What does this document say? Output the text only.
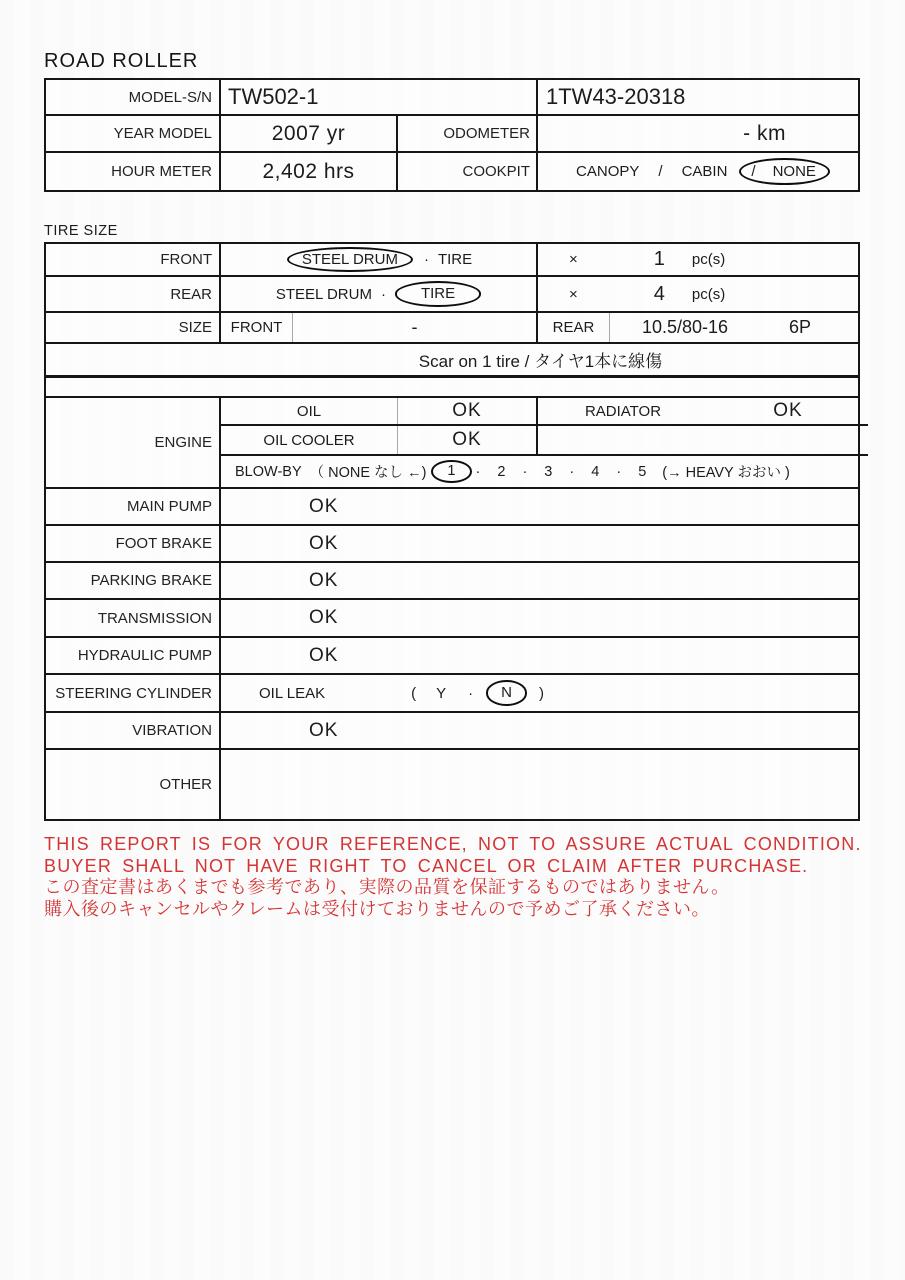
ROAD ROLLER
MODEL-S/N TW502-1	1TW43-20318
YEAR MODEL	2007 yr	ODOMETER	- km
HOUR METER	2,402 hrs	COOKPIT	CANOPY / CABIN / NONE
TIRE SIZE
FRONT	STEEL DRUM · TIRE	×	1 pc(s)
REAR	STEEL DRUM · TIRE	×	4 pc(s)
SIZE	FRONT	-	REAR	10.5/80-16	6P
Scar on 1 tire / タイヤ1本に線傷
ENGINE
OIL	OK	RADIATOR	OK
OIL COOLER	OK
BLOW-BY （ NONE なし ←) 1 · 2 · 3 · 4 · 5 (→ HEAVY おおい )
MAIN PUMP	OK
FOOT BRAKE	OK
PARKING BRAKE	OK
TRANSMISSION	OK
HYDRAULIC PUMP	OK
STEERING CYLINDER	OIL LEAK	( Y · N )
VIBRATION	OK
OTHER
THIS REPORT IS FOR YOUR REFERENCE, NOT TO ASSURE ACTUAL CONDITION.
BUYER SHALL NOT HAVE RIGHT TO CANCEL OR CLAIM AFTER PURCHASE.
この査定書はあくまでも参考であり、実際の品質を保証するものではありません。
購入後のキャンセルやクレームは受付けておりませんので予めご了承ください。
